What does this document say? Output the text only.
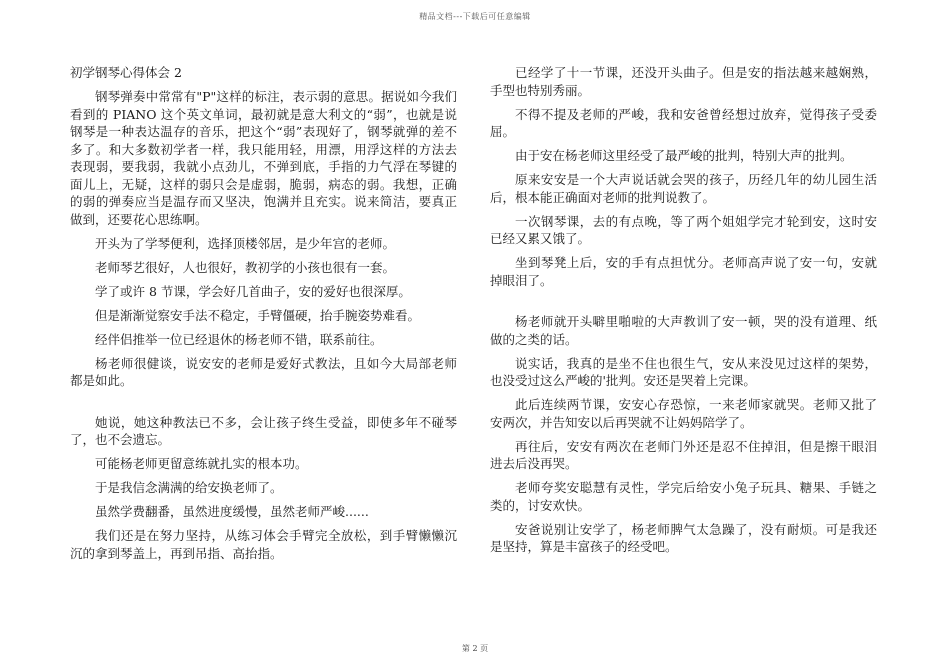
精品文档---下载后可任意编辑
初学钢琴心得体会 2
钢琴弹奏中常常有"P"这样的标注，表示弱的意思。据说如今我们看到的 PIANO 这个英文单词，最初就是意大利文的“弱”，也就是说钢琴是一种表达温存的音乐，把这个“弱”表现好了，钢琴就弹的差不多了。和大多数初学者一样，我只能用轻，用漂，用浮这样的方法去表现弱，要我弱，我就小点劲儿，不弹到底，手指的力气浮在琴键的面儿上，无疑，这样的弱只会是虚弱，脆弱，病态的弱。我想，正确的弱的弹奏应当是温存而又坚决，饱满并且充实。说来简洁，要真正做到，还要花心思练啊。
开头为了学琴便利，选择顶楼邻居，是少年宫的老师。
老师琴艺很好，人也很好，教初学的小孩也很有一套。
学了或许 8 节课，学会好几首曲子，安的爱好也很深厚。
但是渐渐觉察安手法不稳定，手臂僵硬，抬手腕姿势难看。
经伴侣推举一位已经退休的杨老师不错，联系前往。
杨老师很健谈，说安安的老师是爱好式教法，且如今大局部老师都是如此。
她说，她这种教法已不多，会让孩子终生受益，即使多年不碰琴了，也不会遗忘。
可能杨老师更留意练就扎实的根本功。
于是我信念满满的给安换老师了。
虽然学费翻番，虽然进度缓慢，虽然老师严峻......
我们还是在努力坚持，从练习体会手臂完全放松，到手臂懒懒沉沉的拿到琴盖上，再到吊指、高抬指。
已经学了十一节课，还没开头曲子。但是安的指法越来越娴熟，手型也特别秀丽。
不得不提及老师的严峻，我和安爸曾经想过放弃，觉得孩子受委屈。
由于安在杨老师这里经受了最严峻的批判，特别大声的批判。
原来安安是一个大声说话就会哭的孩子，历经几年的幼儿园生活后，根本能正确面对老师的批判说教了。
一次钢琴课，去的有点晚，等了两个姐姐学完才轮到安，这时安已经又累又饿了。
坐到琴凳上后，安的手有点担忧分。老师高声说了安一句，安就掉眼泪了。
杨老师就开头噼里啪啦的大声教训了安一顿，哭的没有道理、纸做的之类的话。
说实话，我真的是坐不住也很生气，安从来没见过这样的架势，也没受过这么严峻的'批判。安还是哭着上完课。
此后连续两节课，安安心存恐惊，一来老师家就哭。老师又批了安两次，并告知安以后再哭就不让妈妈陪学了。
再往后，安安有两次在老师门外还是忍不住掉泪，但是擦干眼泪进去后没再哭。
老师夸奖安聪慧有灵性，学完后给安小兔子玩具、糖果、手链之类的，讨安欢快。
安爸说别让安学了，杨老师脾气太急躁了，没有耐烦。可是我还是坚持，算是丰富孩子的经受吧。
第 2 页
